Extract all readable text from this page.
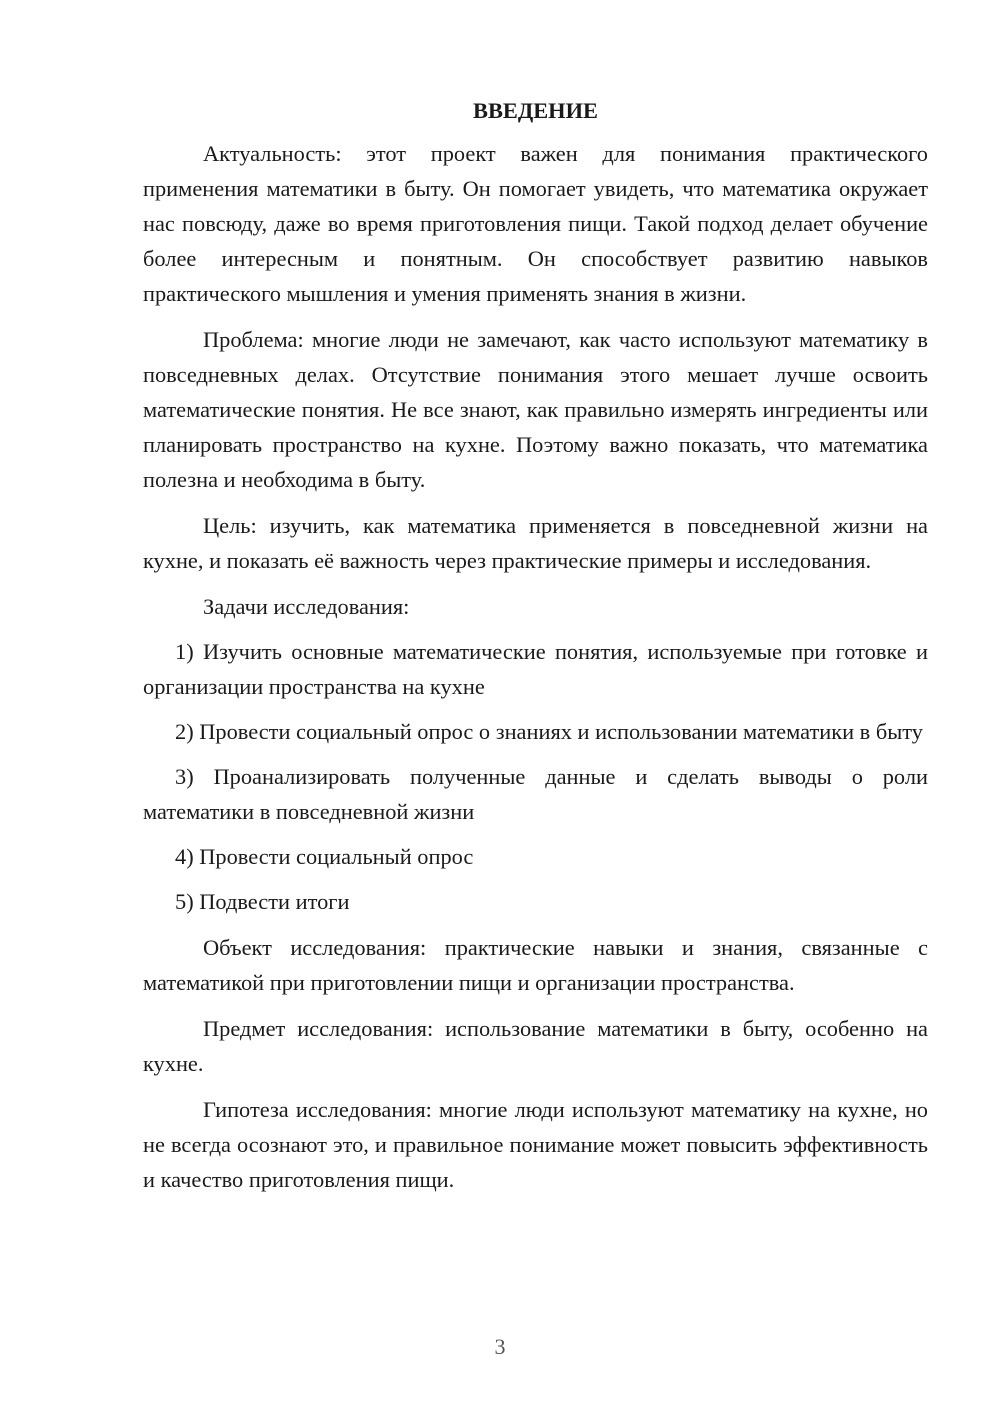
ВВЕДЕНИЕ

Актуальность: этот проект важен для понимания практического применения математики в быту. Он помогает увидеть, что математика окружает нас повсюду, даже во время приготовления пищи. Такой подход делает обучение более интересным и понятным. Он способствует развитию навыков практического мышления и умения применять знания в жизни.

Проблема: многие люди не замечают, как часто используют математику в повседневных делах. Отсутствие понимания этого мешает лучше освоить математические понятия. Не все знают, как правильно измерять ингредиенты или планировать пространство на кухне. Поэтому важно показать, что математика полезна и необходима в быту.

Цель: изучить, как математика применяется в повседневной жизни на кухне, и показать её важность через практические примеры и исследования.

Задачи исследования:

1) Изучить основные математические понятия, используемые при готовке и организации пространства на кухне

2) Провести социальный опрос о знаниях и использовании математики в быту

3) Проанализировать полученные данные и сделать выводы о роли математики в повседневной жизни

4) Провести социальный опрос

5) Подвести итоги

Объект исследования: практические навыки и знания, связанные с математикой при приготовлении пищи и организации пространства.

Предмет исследования: использование математики в быту, особенно на кухне.

Гипотеза исследования: многие люди используют математику на кухне, но не всегда осознают это, и правильное понимание может повысить эффективность и качество приготовления пищи.

3
